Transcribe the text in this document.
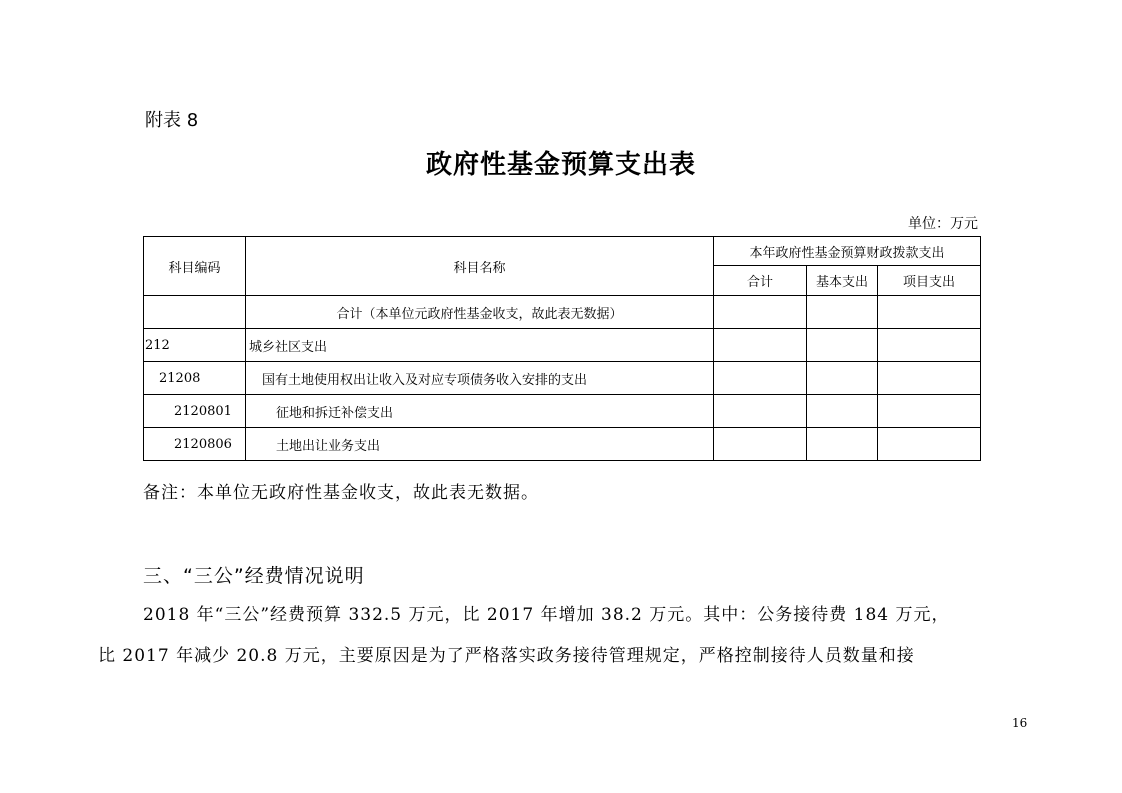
附表 8
政府性基金预算支出表
单位：万元
科目编码	科目名称	本年政府性基金预算财政拨款支出		
		合计	基本支出	项目支出
	合计（本单位元政府性基金收支，故此表无数据）			
212	城乡社区支出			
21208	国有土地使用权出让收入及对应专项债务收入安排的支出			
2120801	征地和拆迁补偿支出			
2120806	土地出让业务支出			
备注：本单位无政府性基金收支，故此表无数据。
三、“三公”经费情况说明
2018 年“三公”经费预算 332.5 万元，比 2017 年增加 38.2 万元。其中：公务接待费 184 万元，
比 2017 年减少 20.8 万元，主要原因是为了严格落实政务接待管理规定，严格控制接待人员数量和接
16
